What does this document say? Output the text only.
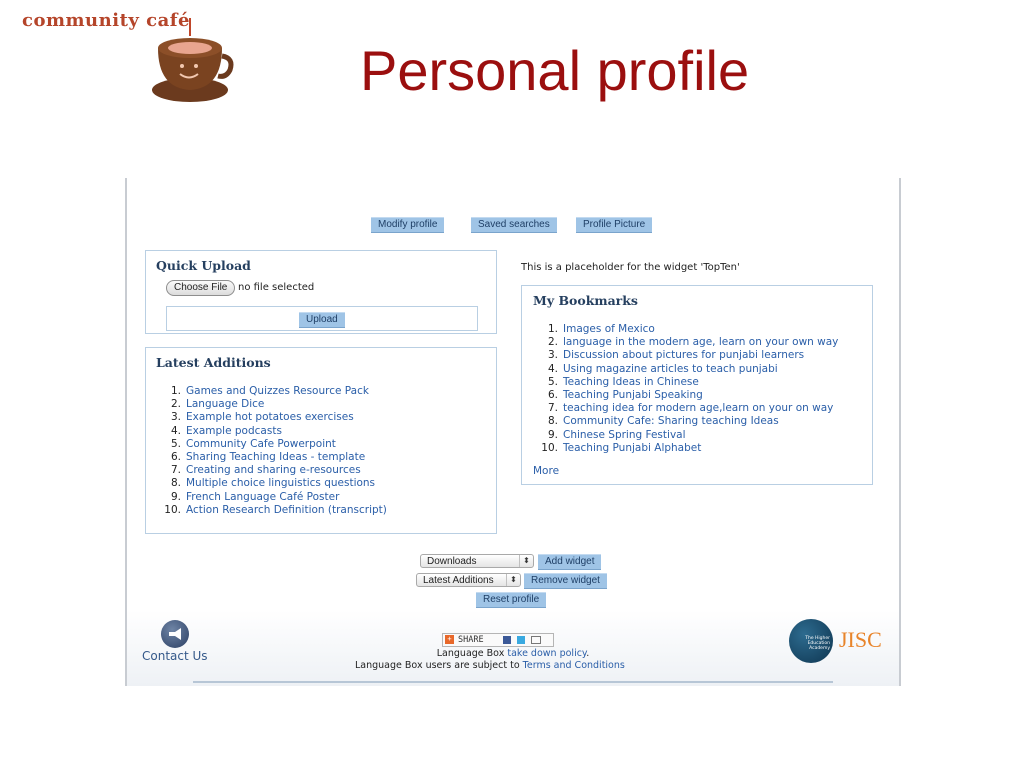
community café
Personal profile
Modify profile	Saved searches	Profile Picture
Quick Upload
Choose File	no file selected
Upload
Latest Additions
1. Games and Quizzes Resource Pack
2. Language Dice
3. Example hot potatoes exercises
4. Example podcasts
5. Community Cafe Powerpoint
6. Sharing Teaching Ideas - template
7. Creating and sharing e-resources
8. Multiple choice linguistics questions
9. French Language Café Poster
10. Action Research Definition (transcript)
This is a placeholder for the widget 'TopTen'
My Bookmarks
1. Images of Mexico
2. language in the modern age, learn on your own way
3. Discussion about pictures for punjabi learners
4. Using magazine articles to teach punjabi
5. Teaching Ideas in Chinese
6. Teaching Punjabi Speaking
7. teaching idea for modern age,learn on your on way
8. Community Cafe: Sharing teaching Ideas
9. Chinese Spring Festival
10. Teaching Punjabi Alphabet
More
Downloads	⬍	Add widget
Latest Additions	⬍	Remove widget
Reset profile
Contact Us
+ SHARE
Language Box take down policy.
Language Box users are subject to Terms and Conditions
The Higher Education Academy JISC
